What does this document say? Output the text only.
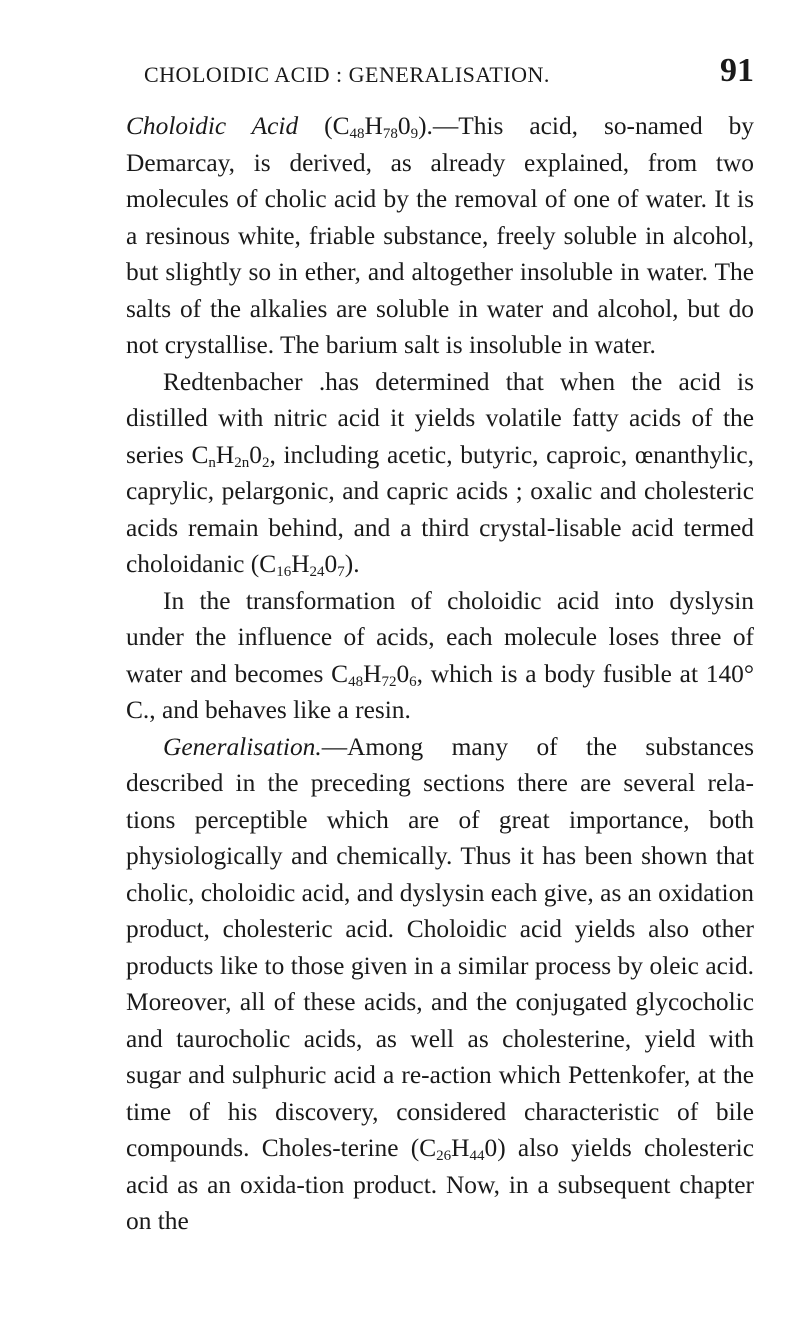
CHOLOIDIC ACID : GENERALISATION.	91

Choloidic Acid $(C_{48}H_{78}0_9).—This$ acid, so-named by Demarcay, is derived, as already explained, from two molecules of cholic acid by the removal of one of water. It is a resinous white, friable substance, freely soluble in alcohol, but slightly so in ether, and altogether insoluble in water. The salts of the alkalies are soluble in water and alcohol, but do not crystallise. The barium salt is insoluble in water.

Redtenbacher .has determined that when the acid is distilled with nitric acid it yields volatile fatty acids of the series $C_nH_{2n}0_2$, including acetic, butyric, caproic, œnanthylic, caprylic, pelargonic, and capric acids ; oxalic and cholesteric acids remain behind, and a third crystal-lisable acid termed choloidanic $(C_{16}H_{24}0_7)$.

In the transformation of choloidic acid into dyslysin under the influence of acids, each molecule loses three of water and becomes $C_{48}H_{72}0_6$, which is a body fusible at 140° C., and behaves like a resin.

Generalisation.—Among many of the substances described in the preceding sections there are several rela-tions perceptible which are of great importance, both physiologically and chemically. Thus it has been shown that cholic, choloidic acid, and dyslysin each give, as an oxidation product, cholesteric acid. Choloidic acid yields also other products like to those given in a similar process by oleic acid. Moreover, all of these acids, and the conjugated glycocholic and taurocholic acids, as well as cholesterine, yield with sugar and sulphuric acid a re-action which Pettenkofer, at the time of his discovery, considered characteristic of bile compounds. Choles-terine $(C_{26}H_{44}0)$ also yields cholesteric acid as an oxida-tion product. Now, in a subsequent chapter on the
